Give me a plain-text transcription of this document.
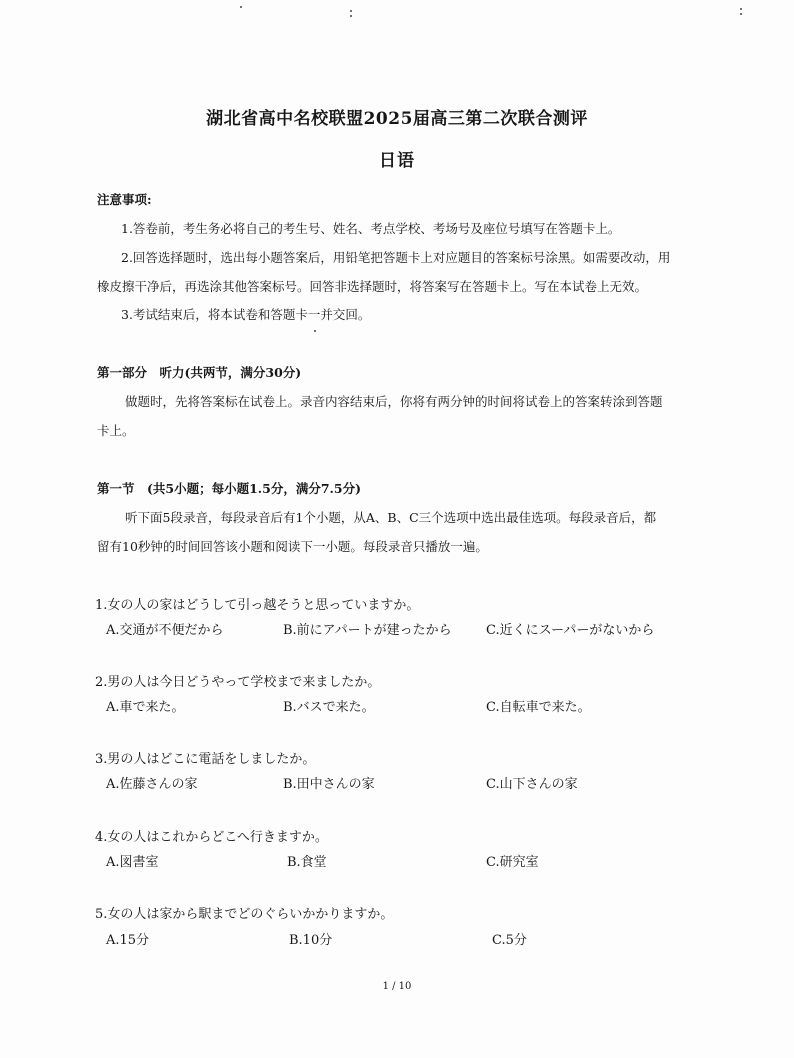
湖北省高中名校联盟2025届高三第二次联合测评
日语
注意事项:
1.答卷前，考生务必将自己的考生号、姓名、考点学校、考场号及座位号填写在答题卡上。
2.回答选择题时，选出每小题答案后，用铅笔把答题卡上对应题目的答案标号涂黑。如需要改动，用
橡皮擦干净后，再选涂其他答案标号。回答非选择题时，将答案写在答题卡上。写在本试卷上无效。
3.考试结束后，将本试卷和答题卡一并交回。
第一部分　听力(共两节，满分30分)
做题时，先将答案标在试卷上。录音内容结束后，你将有两分钟的时间将试卷上的答案转涂到答题
卡上。
第一节　(共5小题；每小题1.5分，满分7.5分)
听下面5段录音，每段录音后有1个小题，从A、B、C三个选项中选出最佳选项。每段录音后，都
留有10秒钟的时间回答该小题和阅读下一小题。每段录音只播放一遍。
1.女の人の家はどうして引っ越そうと思っていますか。
A.交通が不便だから	B.前にアパートが建ったから	C.近くにスーパーがないから
2.男の人は今日どうやって学校まで来ましたか。
A.車で来た。	B.バスで来た。	C.自転車で来た。
3.男の人はどこに電話をしましたか。
A.佐藤さんの家	B.田中さんの家	C.山下さんの家
4.女の人はこれからどこへ行きますか。
A.図書室	B.食堂	C.研究室
5.女の人は家から駅までどのぐらいかかりますか。
A.15分	B.10分	C.5分
1 / 10
